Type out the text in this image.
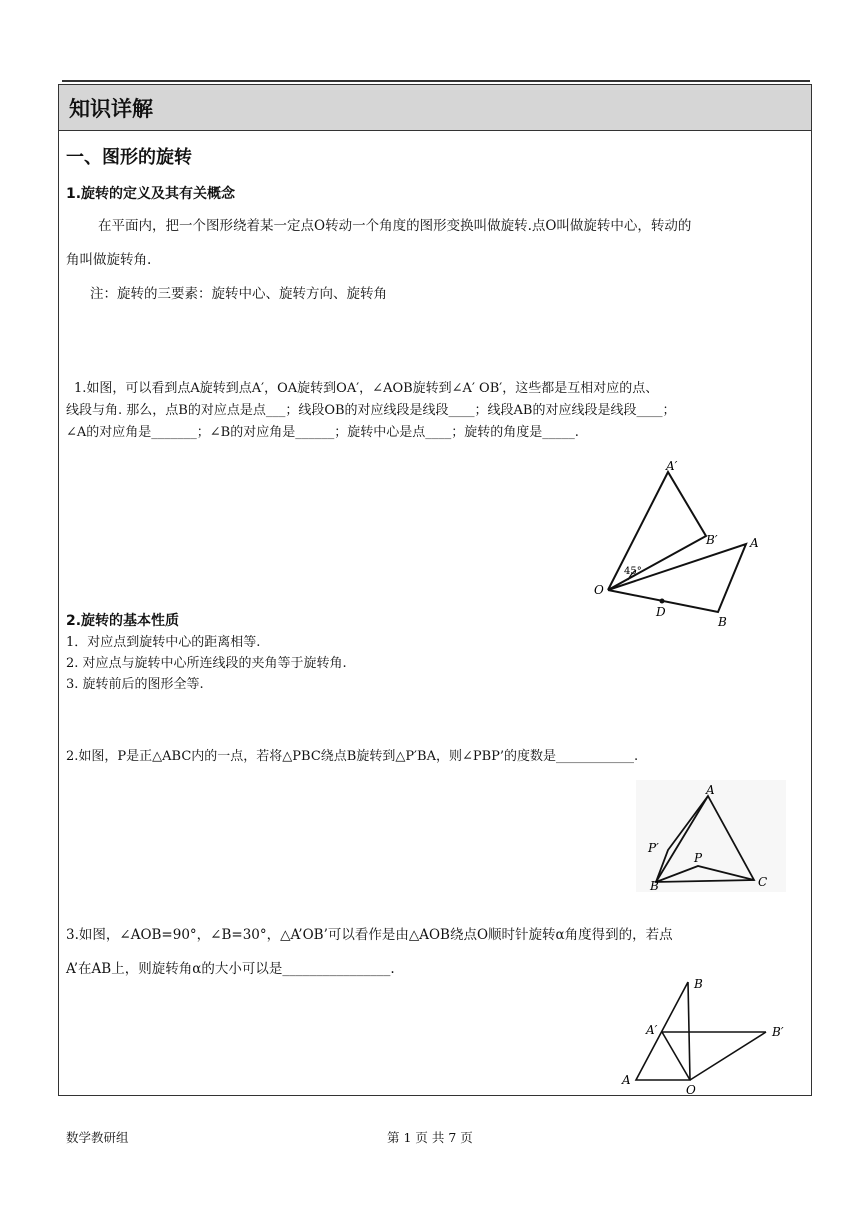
知识详解
一、图形的旋转
1.旋转的定义及其有关概念
在平面内，把一个图形绕着某一定点O转动一个角度的图形变换叫做旋转.点O叫做旋转中心，转动的
角叫做旋转角.
注：旋转的三要素：旋转中心、旋转方向、旋转角
1.如图，可以看到点A旋转到点A′，OA旋转到OA′，∠AOB旋转到∠A′ OB′，这些都是互相对应的点、
线段与角. 那么，点B的对应点是点___；线段OB的对应线段是线段____；线段AB的对应线段是线段____；
∠A的对应角是_______；∠B的对应角是______；旋转中心是点____；旋转的角度是_____.
A′
B′	A
O
45°
D
B
2.旋转的基本性质
1．对应点到旋转中心的距离相等.
2. 对应点与旋转中心所连线段的夹角等于旋转角.
3. 旋转前后的图形全等.
2.如图，P是正△ABC内的一点，若将△PBC绕点B旋转到△P′BA，则∠PBP’的度数是____________.
A
P′
P
B	C
3.如图，∠AOB=90°，∠B=30°，△A’OB’可以看作是由△AOB绕点O顺时针旋转α角度得到的，若点
A’在AB上，则旋转角α的大小可以是________________.
B
A′	B′
A
O
数学教研组	第 1 页 共 7 页
